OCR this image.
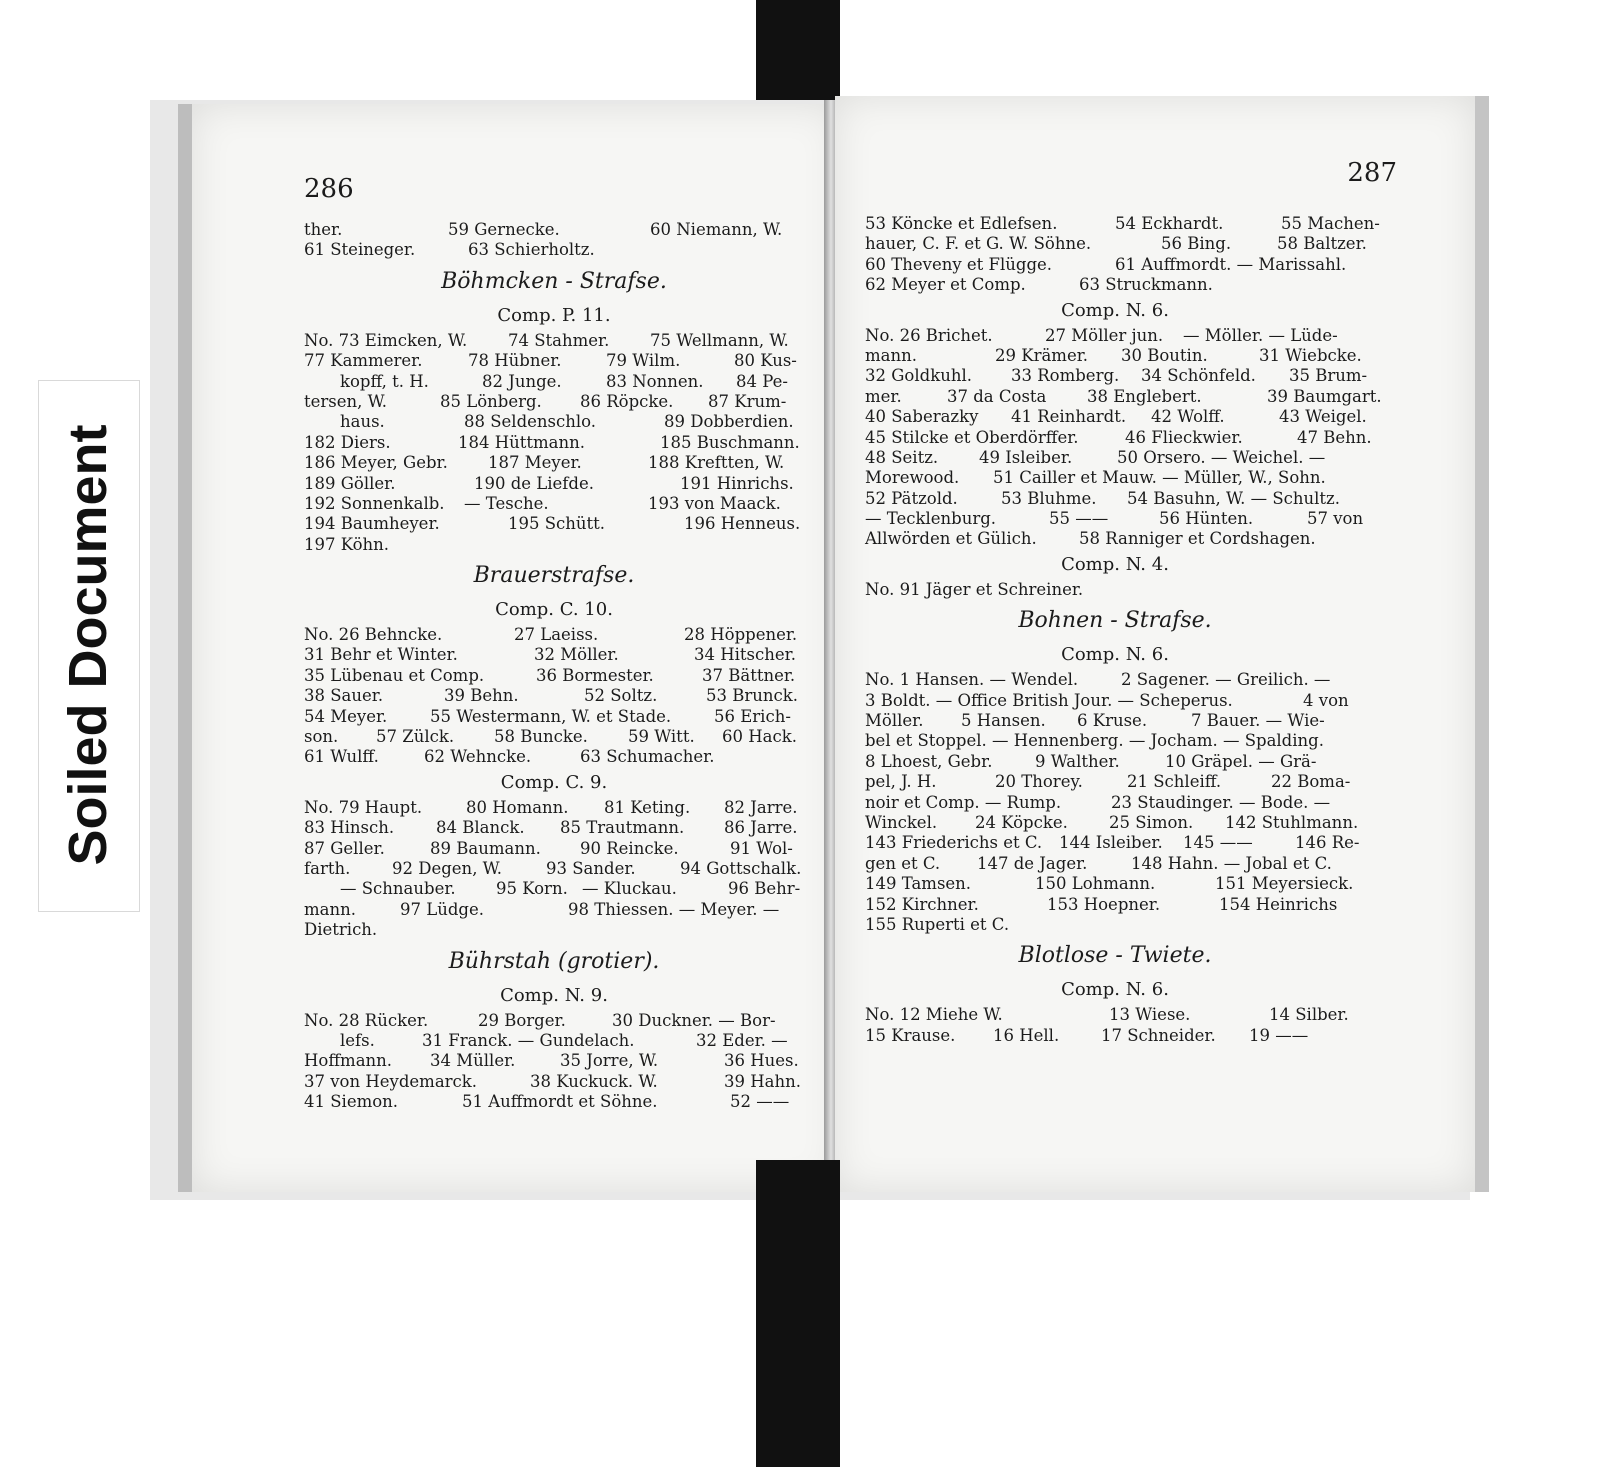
Soiled Document
286
ther.	59 Gernecke.	60 Niemann, W.
61 Steineger.	63 Schierholtz.
Böhmcken - Strafse.
Comp. P. 11.
No. 73 Eimcken, W. 74 Stahmer. 75 Wellmann, W.
77 Kammerer.	78 Hübner.	79 Wilm.	80 Kus-
kopff, t. H.	82 Junge.	83 Nonnen. 84 Pe-
tersen, W.	85 Lönberg. 86 Röpcke. 87 Krum-
haus.	88 Seldenschlo.	89 Dobberdien.
182 Diers.	184 Hüttmann.	185 Buschmann.
186 Meyer, Gebr. 187 Meyer.	188 Kreftten, W.
189 Göller.	190 de Liefde.	191 Hinrichs.
192 Sonnenkalb. — Tesche.	193 von Maack.
194 Baumheyer.	195 Schütt.	196 Henneus.
197 Köhn.
Brauerstrafse.
Comp. C. 10.
No. 26 Behncke.	27 Laeiss.	28 Höppener.
31 Behr et Winter.	32 Möller.	34 Hitscher.
35 Lübenau et Comp.	36 Bormester.	37 Bättner.
38 Sauer.	39 Behn.	52 Soltz.	53 Brunck.
54 Meyer.	55 Westermann, W. et Stade.	56 Erich-
son. 57 Zülck. 58 Buncke. 59 Witt. 60 Hack.
61 Wulff.	62 Wehncke.	63 Schumacher.
Comp. C. 9.
No. 79 Haupt.	80 Homann. 81 Keting. 82 Jarre.
83 Hinsch.	84 Blanck. 85 Trautmann. 86 Jarre.
87 Geller.	89 Baumann. 90 Reincke.	91 Wol-
farth.	92 Degen, W.	93 Sander.	94 Gottschalk.
— Schnauber. 95 Korn. — Kluckau.	96 Behr-
mann.	97 Lüdge.	98 Thiessen. — Meyer. —
Dietrich.
Bührstah (grotier).
Comp. N. 9.
No. 28 Rücker.	29 Borger.	30 Duckner. — Bor-
lefs.	31 Franck. — Gundelach.	32 Eder. —
Hoffmann. 34 Müller.	35 Jorre, W.	36 Hues.
37 von Heydemarck.	38 Kuckuck. W.	39 Hahn.
41 Siemon.	51 Auffmordt et Söhne.	52 ——
287
53 Köncke et Edlefsen.	54 Eckhardt.	55 Machen-
hauer, C. F. et G. W. Söhne.	56 Bing.	58 Baltzer.
60 Theveny et Flügge.	61 Auffmordt. — Marissahl.
62 Meyer et Comp.	63 Struckmann.
Comp. N. 6.
No. 26 Brichet.	27 Möller jun. — Möller. — Lüde-
mann.	29 Krämer. 30 Boutin.	31 Wiebcke.
32 Goldkuhl. 33 Romberg. 34 Schönfeld. 35 Brum-
mer.	37 da Costa 38 Englebert.	39 Baumgart.
40 Saberazky 41 Reinhardt. 42 Wolff.	43 Weigel.
45 Stilcke et Oberdörffer.	46 Flieckwier.	47 Behn.
48 Seitz. 49 Isleiber.	50 Orsero. — Weichel. —
Morewood. 51 Cailler et Mauw. — Müller, W., Sohn.
52 Pätzold.	53 Bluhme. 54 Basuhn, W. — Schultz.
— Tecklenburg.	55 ——	56 Hünten.	57 von
Allwörden et Gülich.	58 Ranniger et Cordshagen.
Comp. N. 4.
No. 91 Jäger et Schreiner.
Bohnen - Strafse.
Comp. N. 6.
No. 1 Hansen. — Wendel.	2 Sagener. — Greilich. —
3 Boldt. — Office British Jour. — Scheperus.	4 von
Möller. 5 Hansen. 6 Kruse.	7 Bauer. — Wie-
bel et Stoppel. — Hennenberg. — Jocham. — Spalding.
8 Lhoest, Gebr.	9 Walther.	10 Gräpel. — Grä-
pel, J. H.	20 Thorey.	21 Schleiff.	22 Boma-
noir et Comp. — Rump.	23 Staudinger. — Bode. —
Winckel. 24 Köpcke. 25 Simon. 142 Stuhlmann.
143 Friederichs et C. 144 Isleiber. 145 ——	146 Re-
gen et C. 147 de Jager.	148 Hahn. — Jobal et C.
149 Tamsen.	150 Lohmann.	151 Meyersieck.
152 Kirchner.	153 Hoepner.	154 Heinrichs
155 Ruperti et C.
Blotlose - Twiete.
Comp. N. 6.
No. 12 Miehe W.	13 Wiese.	14 Silber.
15 Krause. 16 Hell.	17 Schneider. 19 ——
